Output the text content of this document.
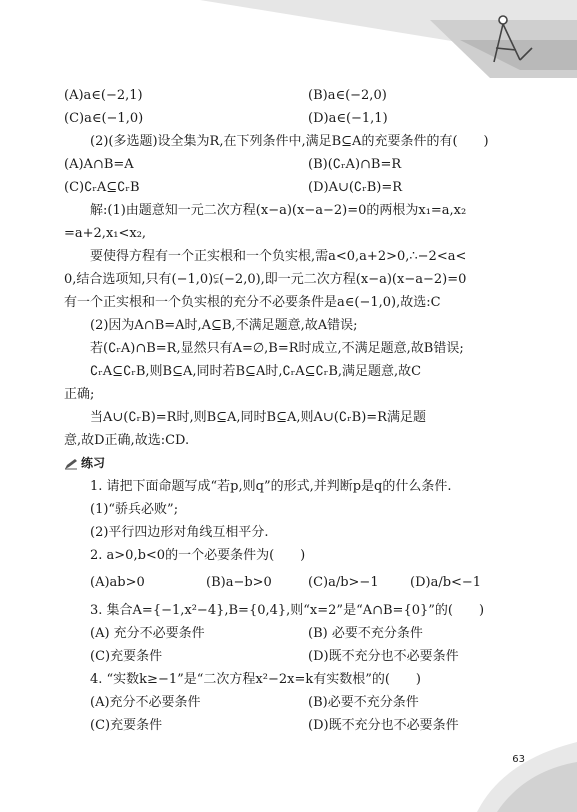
(A)a∈(−2,1)	(B)a∈(−2,0)
(C)a∈(−1,0)	(D)a∈(−1,1)
(2)(多选题)设全集为R,在下列条件中,满足B⊆A的充要条件的有(　　)
(A)A∩B=A	(B)(∁ᵣA)∩B=R
(C)∁ᵣA⊆∁ᵣB	(D)A∪(∁ᵣB)=R
解:(1)由题意知一元二次方程(x−a)(x−a−2)=0的两根为x₁=a,x₂
=a+2,x₁<x₂,
要使得方程有一个正实根和一个负实根,需a<0,a+2>0,∴−2<a<
0,结合选项知,只有(−1,0)⫋(−2,0),即一元二次方程(x−a)(x−a−2)=0
有一个正实根和一个负实根的充分不必要条件是a∈(−1,0),故选:C
(2)因为A∩B=A时,A⊆B,不满足题意,故A错误;
若(∁ᵣA)∩B=R,显然只有A=∅,B=R时成立,不满足题意,故B错误;
∁ᵣA⊆∁ᵣB,则B⊆A,同时若B⊆A时,∁ᵣA⊆∁ᵣB,满足题意,故C
正确;
当A∪(∁ᵣB)=R时,则B⊆A,同时B⊆A,则A∪(∁ᵣB)=R满足题
意,故D正确,故选:CD.
练习
1. 请把下面命题写成“若p,则q”的形式,并判断p是q的什么条件.
(1)“骄兵必败”;
(2)平行四边形对角线互相平分.
2. a>0,b<0的一个必要条件为(　　)
(A)ab>0	(B)a−b>0	(C)a/b>−1 (D)a/b<−1
3. 集合A={−1,x²−4},B={0,4},则“x=2”是“A∩B={0}”的(　　)
(A) 充分不必要条件	(B) 必要不充分条件
(C)充要条件	(D)既不充分也不必要条件
4. “实数k≥−1”是“二次方程x²−2x=k有实数根”的(　　)
(A)充分不必要条件	(B)必要不充分条件
(C)充要条件	(D)既不充分也不必要条件
63
